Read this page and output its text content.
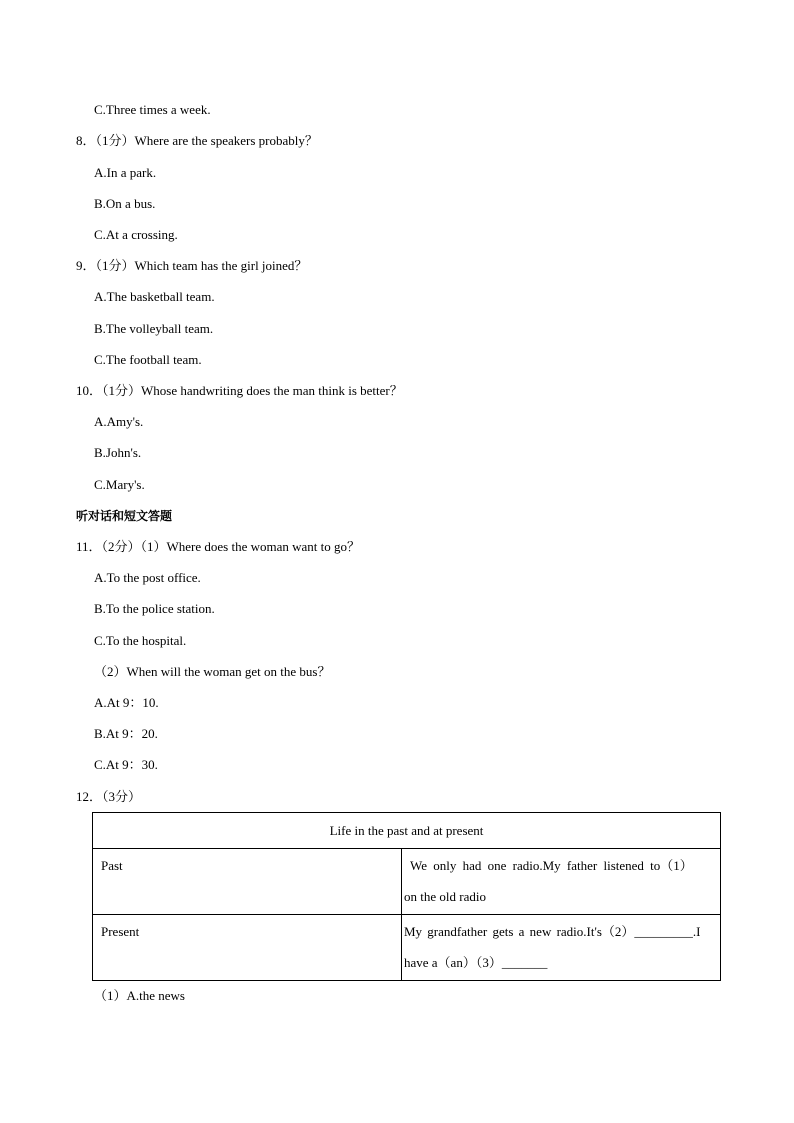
C.Three times a week.
8．（1分）Where are the speakers probably？
A.In a park.
B.On a bus.
C.At a crossing.
9．（1分）Which team has the girl joined？
A.The basketball team.
B.The volleyball team.
C.The football team.
10．（1分）Whose handwriting does the man think is better？
A.Amy's.
B.John's.
C.Mary's.
听对话和短文答题
11．（2分）（1）Where does the woman want to go？
A.To the post office.
B.To the police station.
C.To the hospital.
（2）When will the woman get on the bus？
A.At 9：10.
B.At 9：20.
C.At 9：30.
12．（3分）
Life in the past and at present	
Past	We only had one radio.My father listened to（1）
on the old radio

Present	My grandfather gets a new radio.It's（2）_________.I
have a（an）（3）_______
（1）A.the news
